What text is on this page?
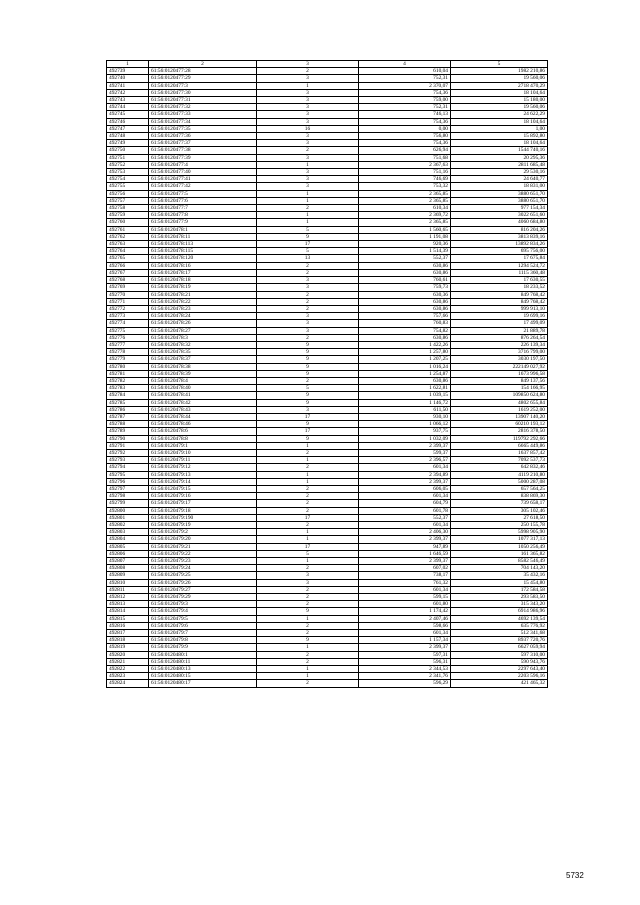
1	2	3	4	5
492739	61:56:0120477:28	2	610,04	1982 210,86
492740	61:56:0120477:29	3	752,31	19 560,06
492741	61:56:0120477:3	1	2 370,07	2718 470,29
492742	61:56:0120477:30	3	754,36	18 104,64
492743	61:56:0120477:31	3	759,00	15 180,00
492744	61:56:0120477:32	3	752,31	19 560,06
492745	61:56:0120477:33	3	746,13	24 622,29
492746	61:56:0120477:34	3	754,36	18 104,64
492747	61:56:0120477:35	16	0,00	1,00
492748	61:56:0120477:36	3	756,80	15 892,80
492749	61:56:0120477:37	3	754,36	18 104,64
492750	61:56:0120477:38	2	626,94	1544 740,16
492751	61:56:0120477:39	3	751,68	20 295,36
492752	61:56:0120477:4	1	2 367,63	2811 685,48
492753	61:56:0120477:40	3	751,16	29 530,16
492754	61:56:0120477:41	3	746,69	24 640,77
492755	61:56:0120477:42	3	753,32	18 831,00
492756	61:56:0120477:5	1	2 365,85	3880 651,70
492757	61:56:0120477:6	1	2 365,85	3880 651,70
492758	61:56:0120477:7	2	610,34	977 154,34
492759	61:56:0120477:8	1	2 369,72	3022 651,60
492760	61:56:0120477:9	1	2 365,85	4060 684,80
492761	61:56:0120478:1	5	1 560,65	816 204,26
492762	61:56:0120478:11	9	1 191,08	3813 839,16
492763	61:56:0120478:113	17	920,36	13892 834,26
492764	61:56:0120478:115	5	1 514,39	695 756,00
492765	61:56:0120478:120	13	552,37	17 675,84
492766	61:56:0120478:16	2	630,86	1294 524,72
492767	61:56:0120478:17	2	630,86	1115 360,48
492768	61:56:0120478:18	3	760,61	17 630,55
492769	61:56:0120478:19	3	759,73	18 233,52
492770	61:56:0120478:21	2	630,36	849 768,42
492771	61:56:0120478:22	2	630,86	849 768,42
492772	61:56:0120478:23	2	630,86	999 913,10
492773	61:56:0120478:24	3	757,66	19 699,16
492774	61:56:0120478:26	3	760,83	17 499,09
492775	61:56:0120478:27	3	754,82	21 889,78
492776	61:56:0120478:3	2	630,86	876 264,54
492777	61:56:0120478:32	9	1 422,26	226 139,34
492778	61:56:0120478:35	9	1 257,80	3716 799,00
492779	61:56:0120478:37	9	1 207,25	3030 197,50
492780	61:56:0120478:38	9	1 016,24	222149 027,92
492781	61:56:0120478:39	9	1 254,87	1673 996,58
492782	61:56:0120478:4	2	630,86	849 137,56
492783	61:56:0120478:40	5	1 622,81	154 166,95
492784	61:56:0120478:41	9	1 039,15	109850 624,80
492785	61:56:0120478:42	9	1 146,72	4802 655,84
492786	61:56:0120478:43	3	611,50	1619 252,00
492787	61:56:0120478:44	17	930,10	13907 140,20
492788	61:56:0120478:46	9	1 066,12	60210 193,12
492789	61:56:0120478:6	17	937,75	2816 378,50
492790	61:56:0120478:8	9	1 032,09	119792 292,66
492791	61:56:0120479:1	1	2 399,37	6665 449,86
492792	61:56:0120479:10	2	599,37	1637 857,42
492793	61:56:0120479:11	1	2 396,57	7092 537,73
492794	61:56:0120479:12	2	601,34	642 832,46
492795	61:56:0120479:13	1	2 394,89	4119 210,80
492796	61:56:0120479:14	1	2 399,37	5000 287,08
492797	61:56:0120479:15	2	606,05	657 564,25
492798	61:56:0120479:16	2	601,34	838 869,30
492799	61:56:0120479:17	2	604,79	739 658,17
492800	61:56:0120479:18	2	601,78	305 102,46
492801	61:56:0120479:190	17	552,37	27 618,50
492802	61:56:0120479:19	2	601,34	250 155,78
492803	61:56:0120479:2	1	2 406,30	5998 905,90
492804	61:56:0120479:20	1	2 399,37	1077 317,13
492805	61:56:0120479:21	17	947,89	1050 256,49
492806	61:56:0120479:22	5	1 646,59	161 365,82
492807	61:56:0120479:23	1	2 399,37	8582 546,49
492808	61:56:0120479:24	2	607,02	704 143,20
492809	61:56:0120479:25	3	738,17	35 432,16
492810	61:56:0120479:26	3	761,32	15 454,80
492811	61:56:0120479:27	2	601,34	172 584,58
492812	61:56:0120479:29	2	599,15	293 583,50
492813	61:56:0120479:3	2	601,80	315 343,20
492814	61:56:0120479:4	9	1 174,42	6914 986,96
492815	61:56:0120479:5	1	2 407,46	4692 139,54
492816	61:56:0120479:6	2	598,66	635 776,92
492817	61:56:0120479:7	2	601,34	512 341,68
492818	61:56:0120479:8	9	1 157,34	8937 720,76
492819	61:56:0120479:9	1	2 399,37	6627 059,94
492820	61:56:0120480:1	2	597,31	597 310,00
492821	61:56:0120480:11	2	596,31	590 943,76
492822	61:56:0120480:13	1	2 344,53	2297 643,40
492823	61:56:0120480:15	1	2 341,76	2203 596,16
492824	61:56:0120480:17	2	596,29	421 465,32
5732
